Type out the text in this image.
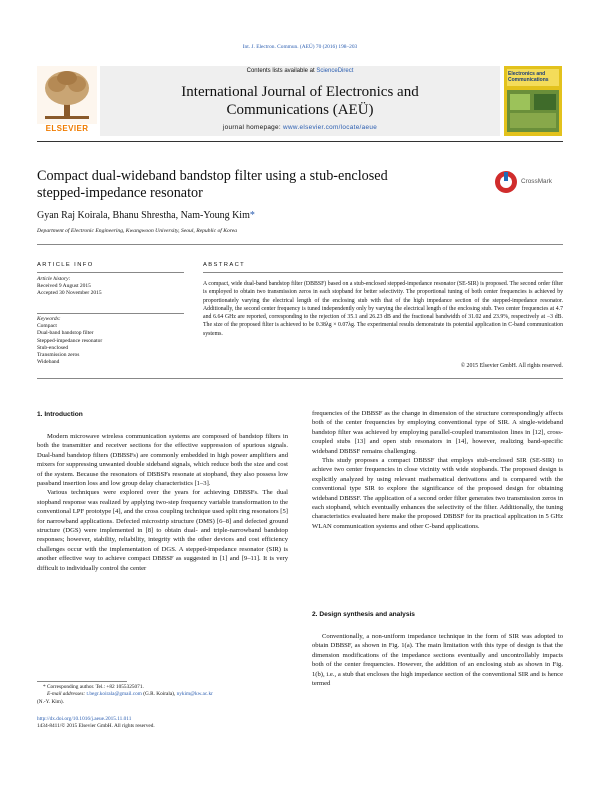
Int. J. Electron. Commun. (AEÜ) 70 (2016) 198–203
ELSEVIER
Contents lists available at ScienceDirect
International Journal of Electronics and
Communications (AEÜ)
journal homepage: www.elsevier.com/locate/aeue
Electronics and
Communications
Compact dual-wideband bandstop filter using a stub-enclosed
stepped-impedance resonator
CrossMark
Gyan Raj Koirala, Bhanu Shrestha, Nam-Young Kim*
Department of Electronic Engineering, Kwangwoon University, Seoul, Republic of Korea
ARTICLE INFO
Article history:
Received 9 August 2015
Accepted 30 November 2015
Keywords:
Compact
Dual-band bandstop filter
Stepped-impedance resonator
Stub-enclosed
Transmission zeros
Wideband
ABSTRACT
A compact, wide dual-band bandstop filter (DBBSF) based on a stub-enclosed stepped-impedance resonator (SE-SIR) is proposed. The second order filter is employed to obtain two transmission zeros in each stopband for better selectivity. The proportional tuning of both center frequencies is achieved by proportionately varying the electrical length of the enclosing stub with that of the high impedance section of the stepped-impedance resonator. Additionally, the second center frequency is tuned independently only by varying the electrical length of the enclosing stub. Two center frequencies at 4.7 and 6.64 GHz are reported, corresponding to the rejection of 35.1 and 26.23 dB and the fractional bandwidth of 31.02 and 23.9%, respectively at −3 dB. The size of the proposed filter is achieved to be 0.38λg × 0.07λg. The experimental results demonstrate its potential application in C-band communication systems.
© 2015 Elsevier GmbH. All rights reserved.
1. Introduction

Modern microwave wireless communication systems are composed of bandstop filters in both the transmitter and receiver sections for the effective suppression of spurious signals. Dual-band bandstop filters (DBBSFs) are commonly embedded in high power amplifiers and mixers for suppressing unwanted double sideband signals, which reduce both the size and cost of the system. Because the resonators of DBBSFs resonate at stopband, they also possess low passband insertion loss and low group delay characteristics [1–3].

Various techniques were explored over the years for achieving DBBSFs. The dual stopband response was realized by applying two-step frequency variable transformation to the conventional LPF prototype [4], and the cross coupling technique used split ring resonators [5] for narrowband applications. Defected microstrip structure (DMS) [6–8] and defected ground structure (DGS) were implemented in [8] to obtain dual- and triple-narrowband bandstop responses; however, stability, reliability, integrity with the other devices and cost efficiency challenges occur with the implementation of DGS. A stepped-impedance resonator (SIR) is another effective way to achieve compact DBBSF as suggested in [1] and [9–11]. It is very difficult to individually control the center

frequencies of the DBBSF as the change in dimension of the structure correspondingly affects both of the center frequencies by employing conventional type of SIR. A single-wideband bandstop filter was achieved by employing parallel-coupled transmission lines in [12], cross-coupled stubs [13] and open stub resonators in [14], however, realizing band-specific wideband DBBSF remains challenging.

This study proposes a compact DBBSF that employs stub-enclosed SIR (SE-SIR) to achieve two center frequencies in close vicinity with wide stopbands. The proposed design is explicitly analyzed by using relevant mathematical derivations and is compared with the conventional type SIR to explore the significance of the proposed design for obtaining wideband DBBSF. The application of a second order filter generates two transmission zeros in each stopband, which eventually enhances the selectivity of the filter. Additionally, the tuning characteristics evaluated here make the proposed DBBSF for its practical application in 5 GHz WLAN communication systems and other C-band applications.

2. Design synthesis and analysis

Conventionally, a non-uniform impedance technique in the form of SIR was adopted to obtain DBBSF, as shown in Fig. 1(a). The main limitation with this type of design is that the dimension modifications of the impedance sections eventually and uncontrollably impacts both of the center frequencies. However, the addition of an enclosing stub as shown in Fig. 1(b), i.e., a stub that encloses the high impedance section of the conventional SIR and is hence termed

* Corresponding author. Tel.: +82 1055325071.
E-mail addresses: t.begr.koirala@gmail.com (G.R. Koirala), nykim@kw.ac.kr
(N.-Y. Kim).
http://dx.doi.org/10.1016/j.aeue.2015.11.011
1434-8411/© 2015 Elsevier GmbH. All rights reserved.
